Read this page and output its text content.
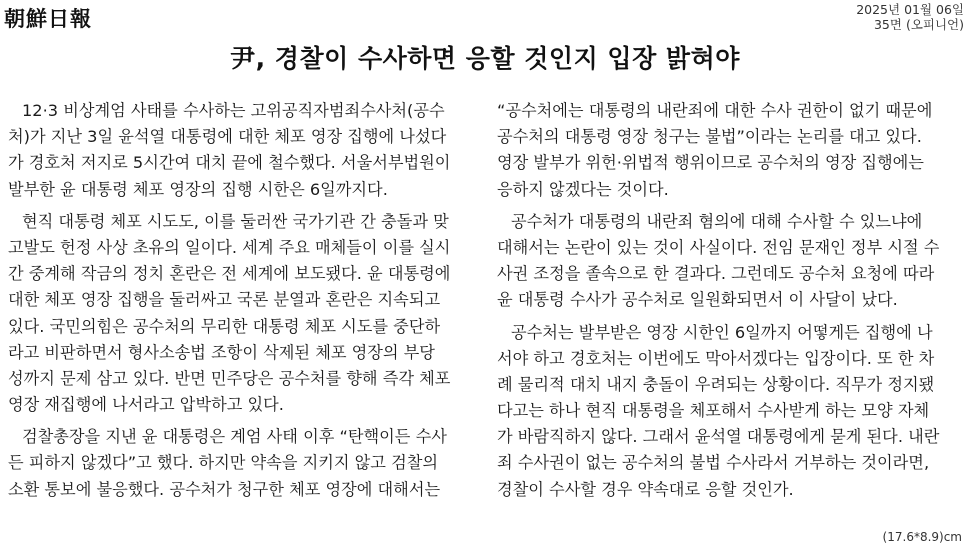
朝鮮日報	2025년 01월 06일
35면 (오피니언)
尹, 경찰이 수사하면 응할 것인지 입장 밝혀야
12·3 비상계엄 사태를 수사하는 고위공직자범죄수사처(공수
처)가 지난 3일 윤석열 대통령에 대한 체포 영장 집행에 나섰다
가 경호처 저지로 5시간여 대치 끝에 철수했다. 서울서부법원이
발부한 윤 대통령 체포 영장의 집행 시한은 6일까지다.
현직 대통령 체포 시도도, 이를 둘러싼 국가기관 간 충돌과 맞
고발도 헌정 사상 초유의 일이다. 세계 주요 매체들이 이를 실시
간 중계해 작금의 정치 혼란은 전 세계에 보도됐다. 윤 대통령에
대한 체포 영장 집행을 둘러싸고 국론 분열과 혼란은 지속되고
있다. 국민의힘은 공수처의 무리한 대통령 체포 시도를 중단하
라고 비판하면서 형사소송법 조항이 삭제된 체포 영장의 부당
성까지 문제 삼고 있다. 반면 민주당은 공수처를 향해 즉각 체포
영장 재집행에 나서라고 압박하고 있다.
검찰총장을 지낸 윤 대통령은 계엄 사태 이후 “탄핵이든 수사
든 피하지 않겠다”고 했다. 하지만 약속을 지키지 않고 검찰의
소환 통보에 불응했다. 공수처가 청구한 체포 영장에 대해서는
“공수처에는 대통령의 내란죄에 대한 수사 권한이 없기 때문에
공수처의 대통령 영장 청구는 불법”이라는 논리를 대고 있다.
영장 발부가 위헌·위법적 행위이므로 공수처의 영장 집행에는
응하지 않겠다는 것이다.
공수처가 대통령의 내란죄 혐의에 대해 수사할 수 있느냐에
대해서는 논란이 있는 것이 사실이다. 전임 문재인 정부 시절 수
사권 조정을 졸속으로 한 결과다. 그런데도 공수처 요청에 따라
윤 대통령 수사가 공수처로 일원화되면서 이 사달이 났다.
공수처는 발부받은 영장 시한인 6일까지 어떻게든 집행에 나
서야 하고 경호처는 이번에도 막아서겠다는 입장이다. 또 한 차
례 물리적 대치 내지 충돌이 우려되는 상황이다. 직무가 정지됐
다고는 하나 현직 대통령을 체포해서 수사받게 하는 모양 자체
가 바람직하지 않다. 그래서 윤석열 대통령에게 묻게 된다. 내란
죄 수사권이 없는 공수처의 불법 수사라서 거부하는 것이라면,
경찰이 수사할 경우 약속대로 응할 것인가.
(17.6*8.9)cm
